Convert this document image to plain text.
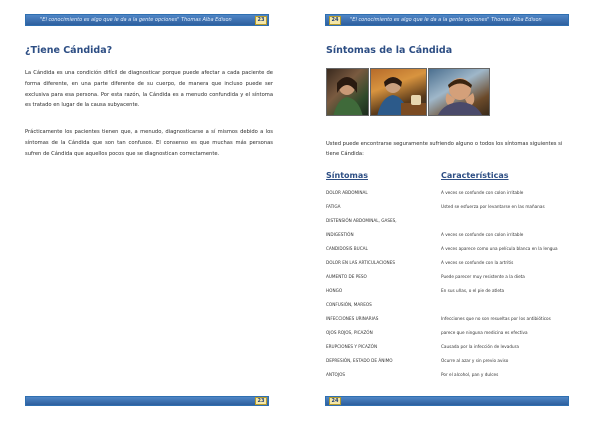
"El conocimiento es algo que le da a la gente opciones" Thomas Alba Edison	23
¿Tiene Cándida?
La Cándida es una condición difícil de diagnosticar porque puede afectar a cada paciente de forma diferente, en una parte diferente de su cuerpo, de manera que incluso puede ser exclusiva para esa persona. Por esta razón, la Cándida es a menudo confundida y el síntoma es tratado en lugar de la causa subyacente.
Prácticamente los pacientes tienen que, a menudo, diagnosticarse a sí mismos debido a los síntomas de la Cándida que son tan confusos. El consenso es que muchas más personas sufren de Cándida que aquellos pocos que se diagnostican correctamente.
23
24	"El conocimiento es algo que le da a la gente opciones" Thomas Alba Edison
Síntomas de la Cándida
Usted puede encontrarse seguramente sufriendo alguno o todos los síntomas siguientes si tiene Cándida:
Síntomas	Características
DOLOR ABDOMINAL	A veces se confunde con colon irritable
FATIGA	Usted se esfuerza por levantarse en las mañanas
DISTENSIÓN ABDOMINAL, GASES,
INDIGESTIÓN	A veces se confunde con colon irritable
CANDIDOSIS BUCAL	A veces aparece como una película blanca en la lengua
DOLOR EN LAS ARTICULACIONES	A veces se confunde con la artritis
AUMENTO DE PESO	Puede parecer muy resistente a la dieta
HONGO	En sus uñas, o el pie de atleta
CONFUSIÓN, MAREOS
INFECCIONES URINARIAS	Infecciones que no son resueltas por los antibióticos
OJOS ROJOS, PICAZÓN	parece que ninguna medicina es efectiva
ERUPCIONES Y PICAZÓN	Causada por la infección de levadura
DEPRESIÓN, ESTADO DE ÁNIMO	Ocurre al azar y sin previo aviso
ANTOJOS	Por el alcohol, pan y dulces
24
